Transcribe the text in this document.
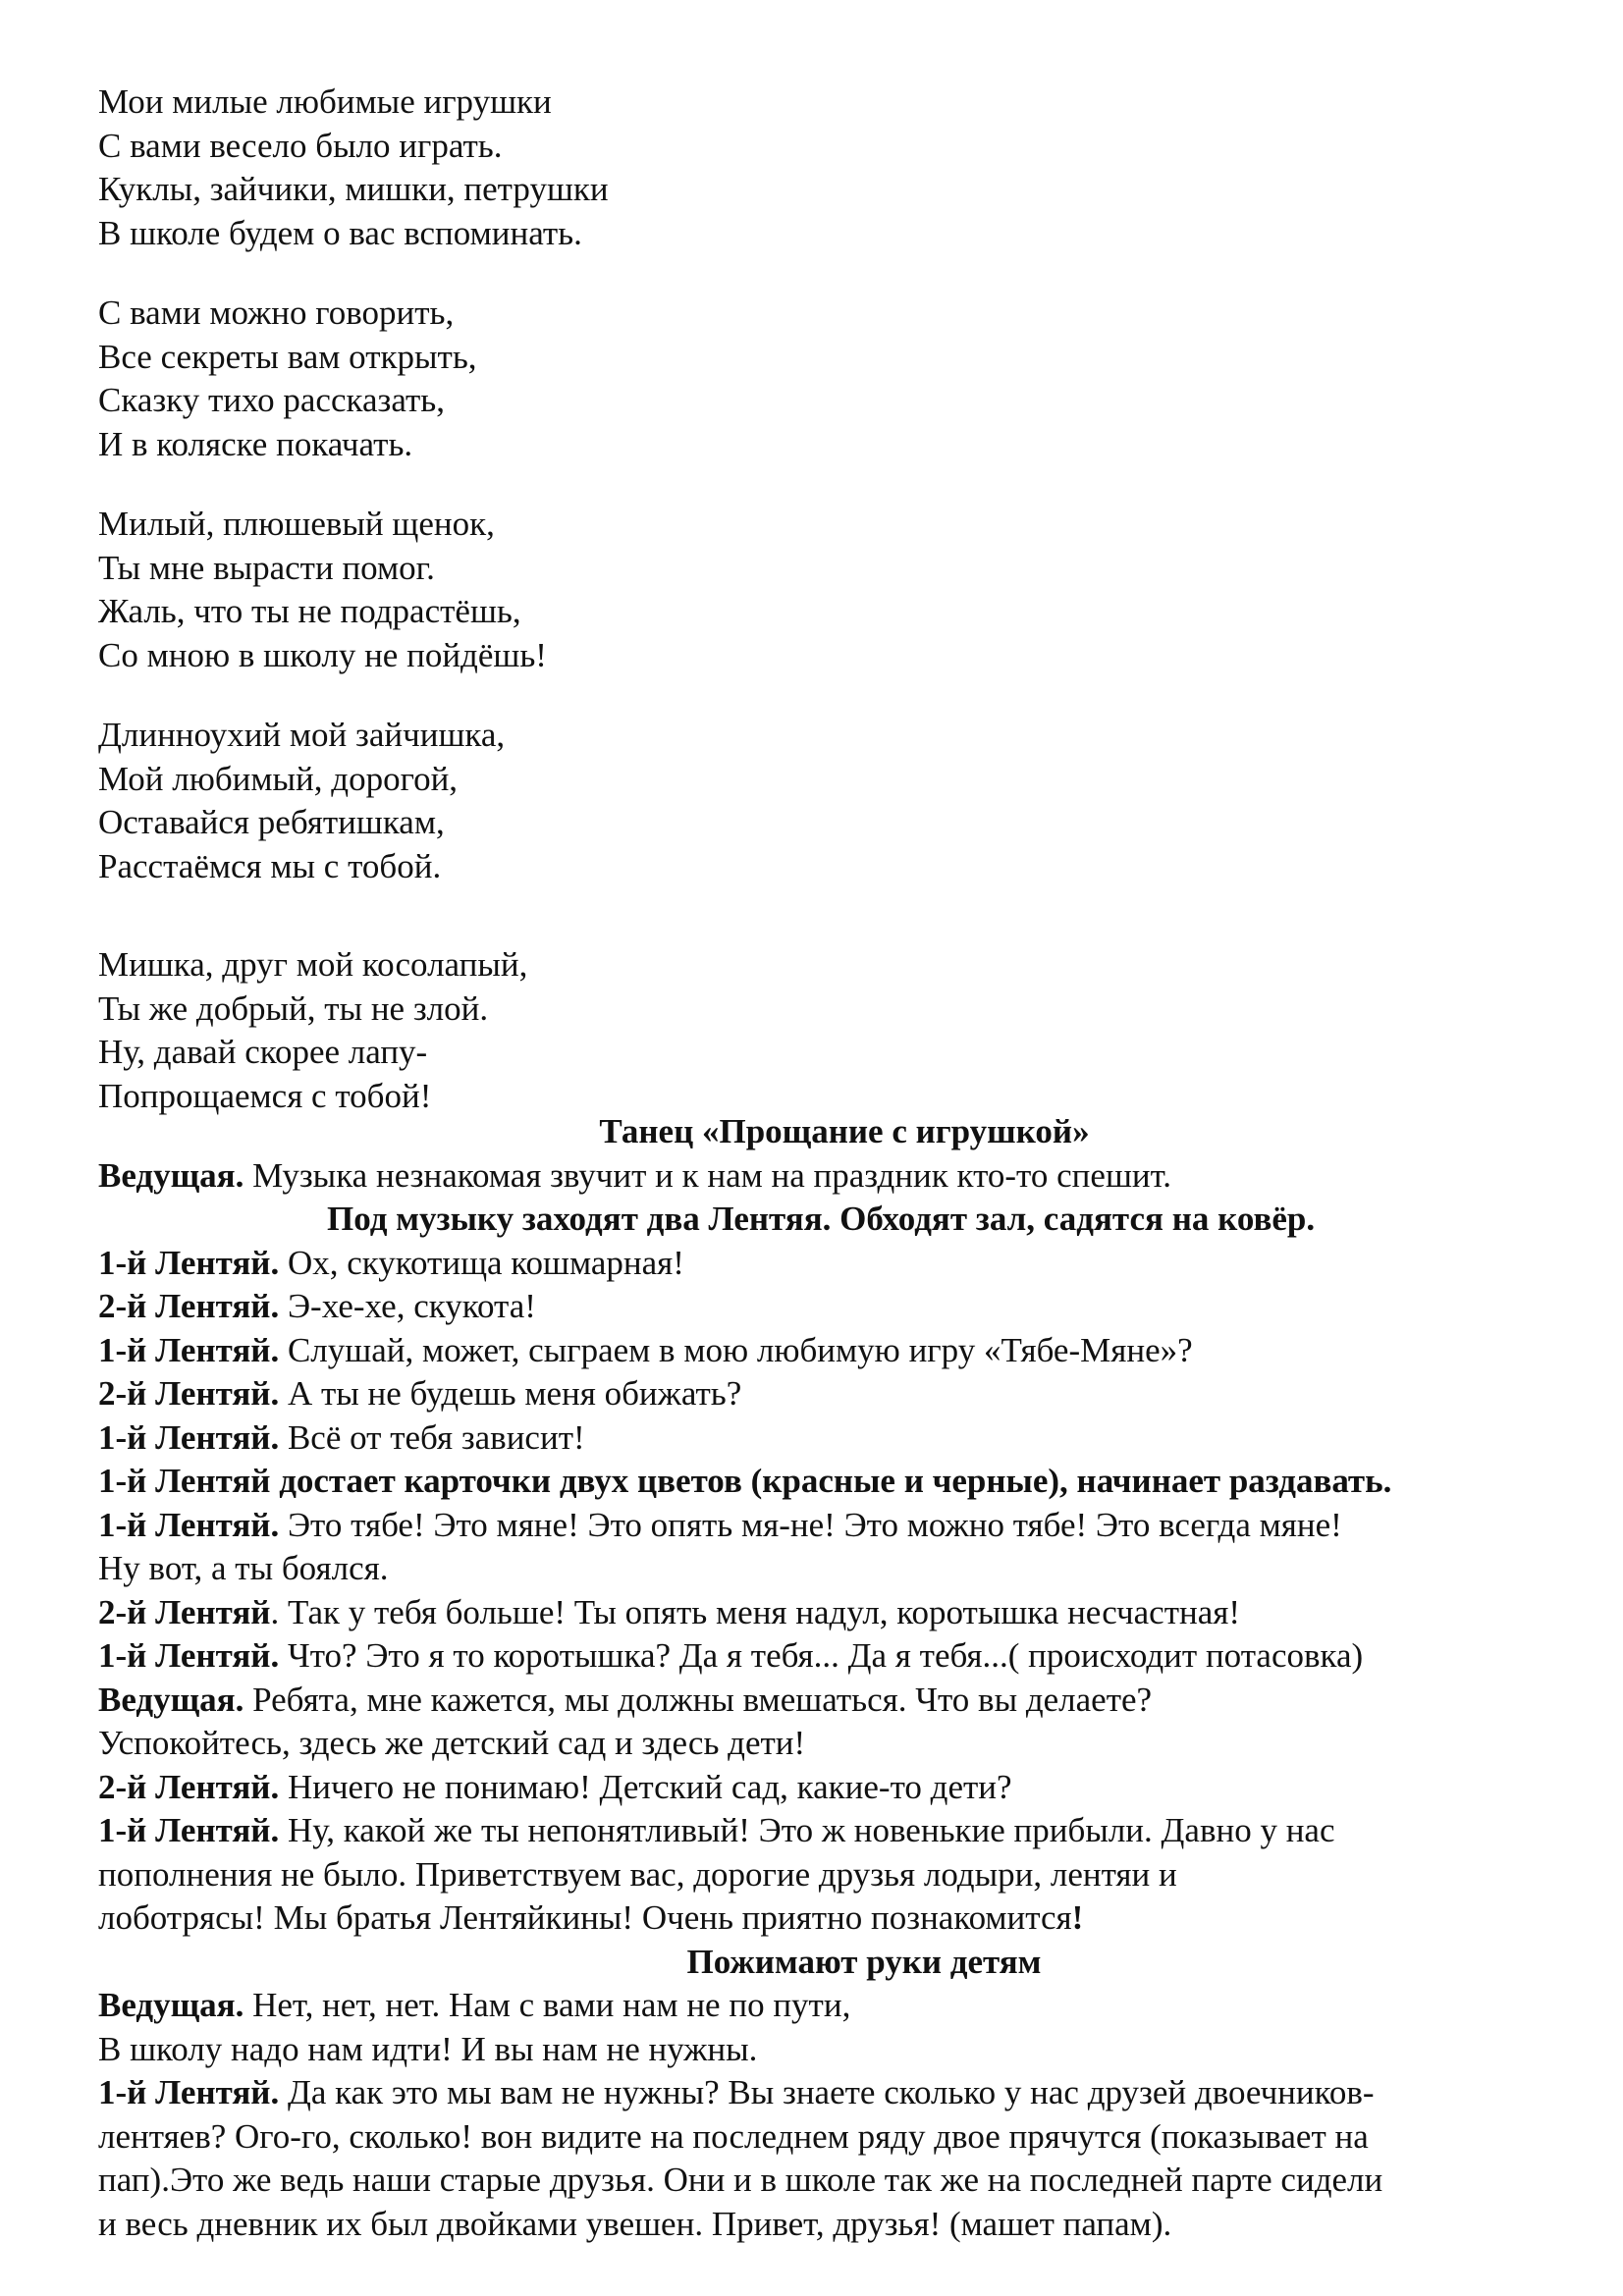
Мои милые любимые игрушки
С вами весело было играть.
Куклы, зайчики, мишки, петрушки
В школе будем о вас вспоминать.
С вами можно говорить,
Все секреты вам открыть,
Сказку тихо рассказать,
И в коляске покачать.
Милый, плюшевый щенок,
Ты мне вырасти помог.
Жаль, что ты не подрастёшь,
Со мною в школу не пойдёшь!
Длинноухий мой зайчишка,
Мой любимый, дорогой,
Оставайся ребятишкам,
Расстаёмся мы с тобой.
Мишка, друг мой косолапый,
Ты же добрый, ты не злой.
Ну, давай скорее лапу-
Попрощаемся с тобой!
Танец «Прощание с игрушкой»
Ведущая. Музыка незнакомая звучит и к нам на праздник кто-то спешит.
Под музыку заходят два Лентяя. Обходят зал, садятся на ковёр.
1-й Лентяй. Ох, скукотища кошмарная!
2-й Лентяй. Э-хе-хе, скукота!
1-й Лентяй. Слушай, может, сыграем в мою любимую игру «Тябе-Мяне»?
2-й Лентяй. А ты не будешь меня обижать?
1-й Лентяй. Всё от тебя зависит!
1-й Лентяй достает карточки двух цветов (красные и черные), начинает раздавать.
1-й Лентяй. Это тябе! Это мяне! Это опять мя-не! Это можно тябе! Это всегда мяне!
Ну вот, а ты боялся.
2-й Лентяй. Так у тебя больше! Ты опять меня надул, коротышка несчастная!
1-й Лентяй. Что? Это я то коротышка? Да я тебя... Да я тебя...( происходит потасовка)
Ведущая. Ребята, мне кажется, мы должны вмешаться. Что вы делаете?
Успокойтесь, здесь же детский сад и здесь дети!
2-й Лентяй. Ничего не понимаю! Детский сад, какие-то дети?
1-й Лентяй. Ну, какой же ты непонятливый! Это ж новенькие прибыли. Давно у нас
пополнения не было. Приветствуем вас, дорогие друзья лодыри, лентяи и
лоботрясы! Мы братья Лентяйкины! Очень приятно познакомится!
Пожимают руки детям
Ведущая. Нет, нет, нет. Нам с вами нам не по пути,
В школу надо нам идти! И вы нам не нужны.
1-й Лентяй. Да как это мы вам не нужны? Вы знаете сколько у нас друзей двоечников-
лентяев? Ого-го, сколько! вон видите на последнем ряду двое прячутся (показывает на
пап).Это же ведь наши старые друзья. Они и в школе так же на последней парте сидели
и весь дневник их был двойками увешен. Привет, друзья! (машет папам).
